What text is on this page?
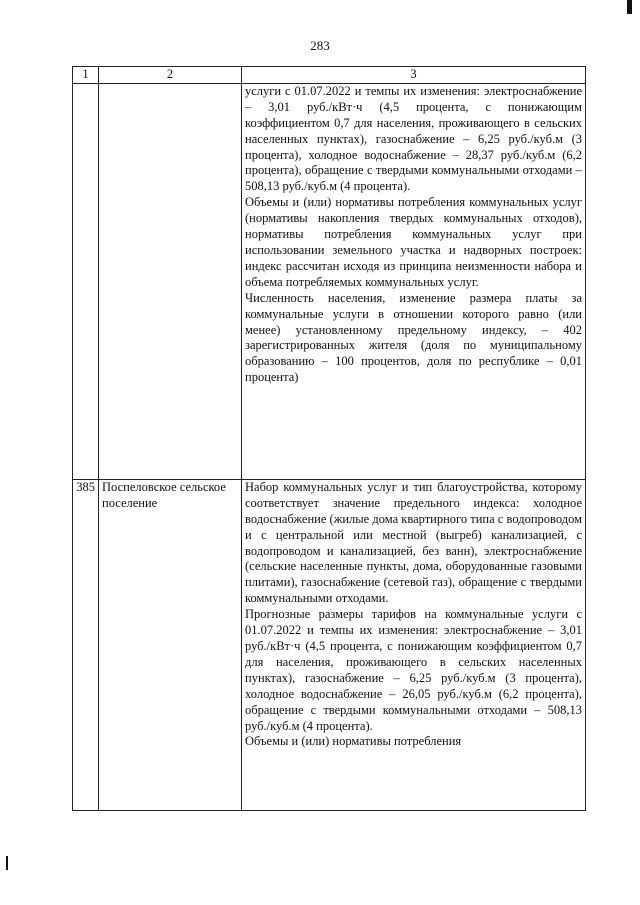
283
1	2	3

		услуги с 01.07.2022 и темпы их изменения: электроснабжение – 3,01 руб./кВт·ч (4,5 процента, с понижающим коэффициентом 0,7 для населения, проживающего в сельских населенных пунктах), газоснабжение – 6,25 руб./куб.м (3 процента), холодное водоснабжение – 28,37 руб./куб.м (6,2 процента), обращение с твердыми коммунальными отходами – 508,13 руб./куб.м (4 процента).

Объемы и (или) нормативы потребления коммунальных услуг (нормативы накопления твердых коммунальных отходов), нормативы потребления коммунальных услуг при использовании земельного участка и надворных построек: индекс рассчитан исходя из принципа неизменности набора и объема потребляемых коммунальных услуг.

Численность населения, изменение размера платы за коммунальные услуги в отношении которого равно (или менее) установленному предельному индексу, – 402 зарегистрированных жителя (доля по муниципальному образованию – 100 процентов, доля по республике – 0,01 процента)

385	Поспеловское сельское поселение	Набор коммунальных услуг и тип благоустройства, которому соответствует значение предельного индекса: холодное водоснабжение (жилые дома квартирного типа с водопроводом и с центральной или местной (выгреб) канализацией, с водопроводом и канализацией, без ванн), электроснабжение (сельские населенные пункты, дома, оборудованные газовыми плитами), газоснабжение (сетевой газ), обращение с твердыми коммунальными отходами.

Прогнозные размеры тарифов на коммунальные услуги с 01.07.2022 и темпы их изменения: электроснабжение – 3,01 руб./кВт·ч (4,5 процента, с понижающим коэффициентом 0,7 для населения, проживающего в сельских населенных пунктах), газоснабжение – 6,25 руб./куб.м (3 процента), холодное водоснабжение – 26,05 руб./куб.м (6,2 процента), обращение с твердыми коммунальными отходами – 508,13 руб./куб.м (4 процента).

Объемы и (или) нормативы потребления
